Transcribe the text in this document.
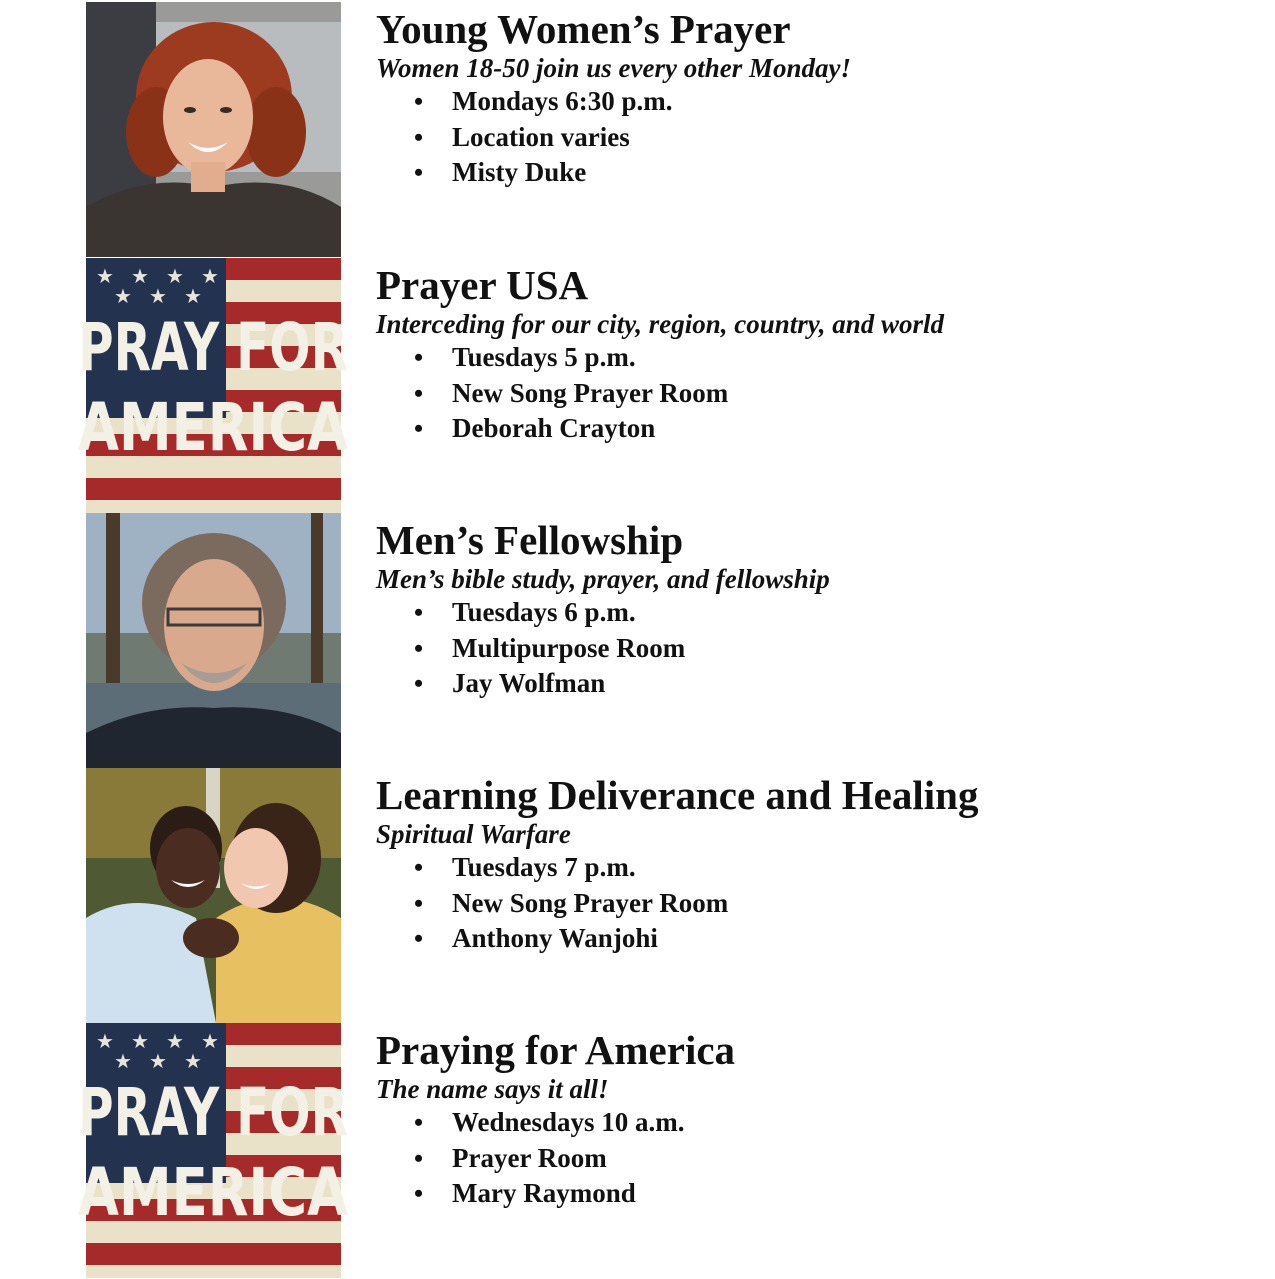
Young Women’s Prayer

Women 18-50 join us every other Monday!

• Mondays 6:30 p.m.
• Location varies
• Misty Duke
★ ★ ★ ★
★ ★ ★
PRAY FOR
AMERICA

Prayer USA

Interceding for our city, region, country, and world

• Tuesdays 5 p.m.
• New Song Prayer Room
• Deborah Crayton

Men’s Fellowship

Men’s bible study, prayer, and fellowship

• Tuesdays 6 p.m.
• Multipurpose Room
• Jay Wolfman

Learning Deliverance and Healing

Spiritual Warfare

• Tuesdays 7 p.m.
• New Song Prayer Room
• Anthony Wanjohi
★ ★ ★ ★
★ ★ ★
PRAY FOR
AMERICA

Praying for America

The name says it all!

• Wednesdays 10 a.m.
• Prayer Room
• Mary Raymond
